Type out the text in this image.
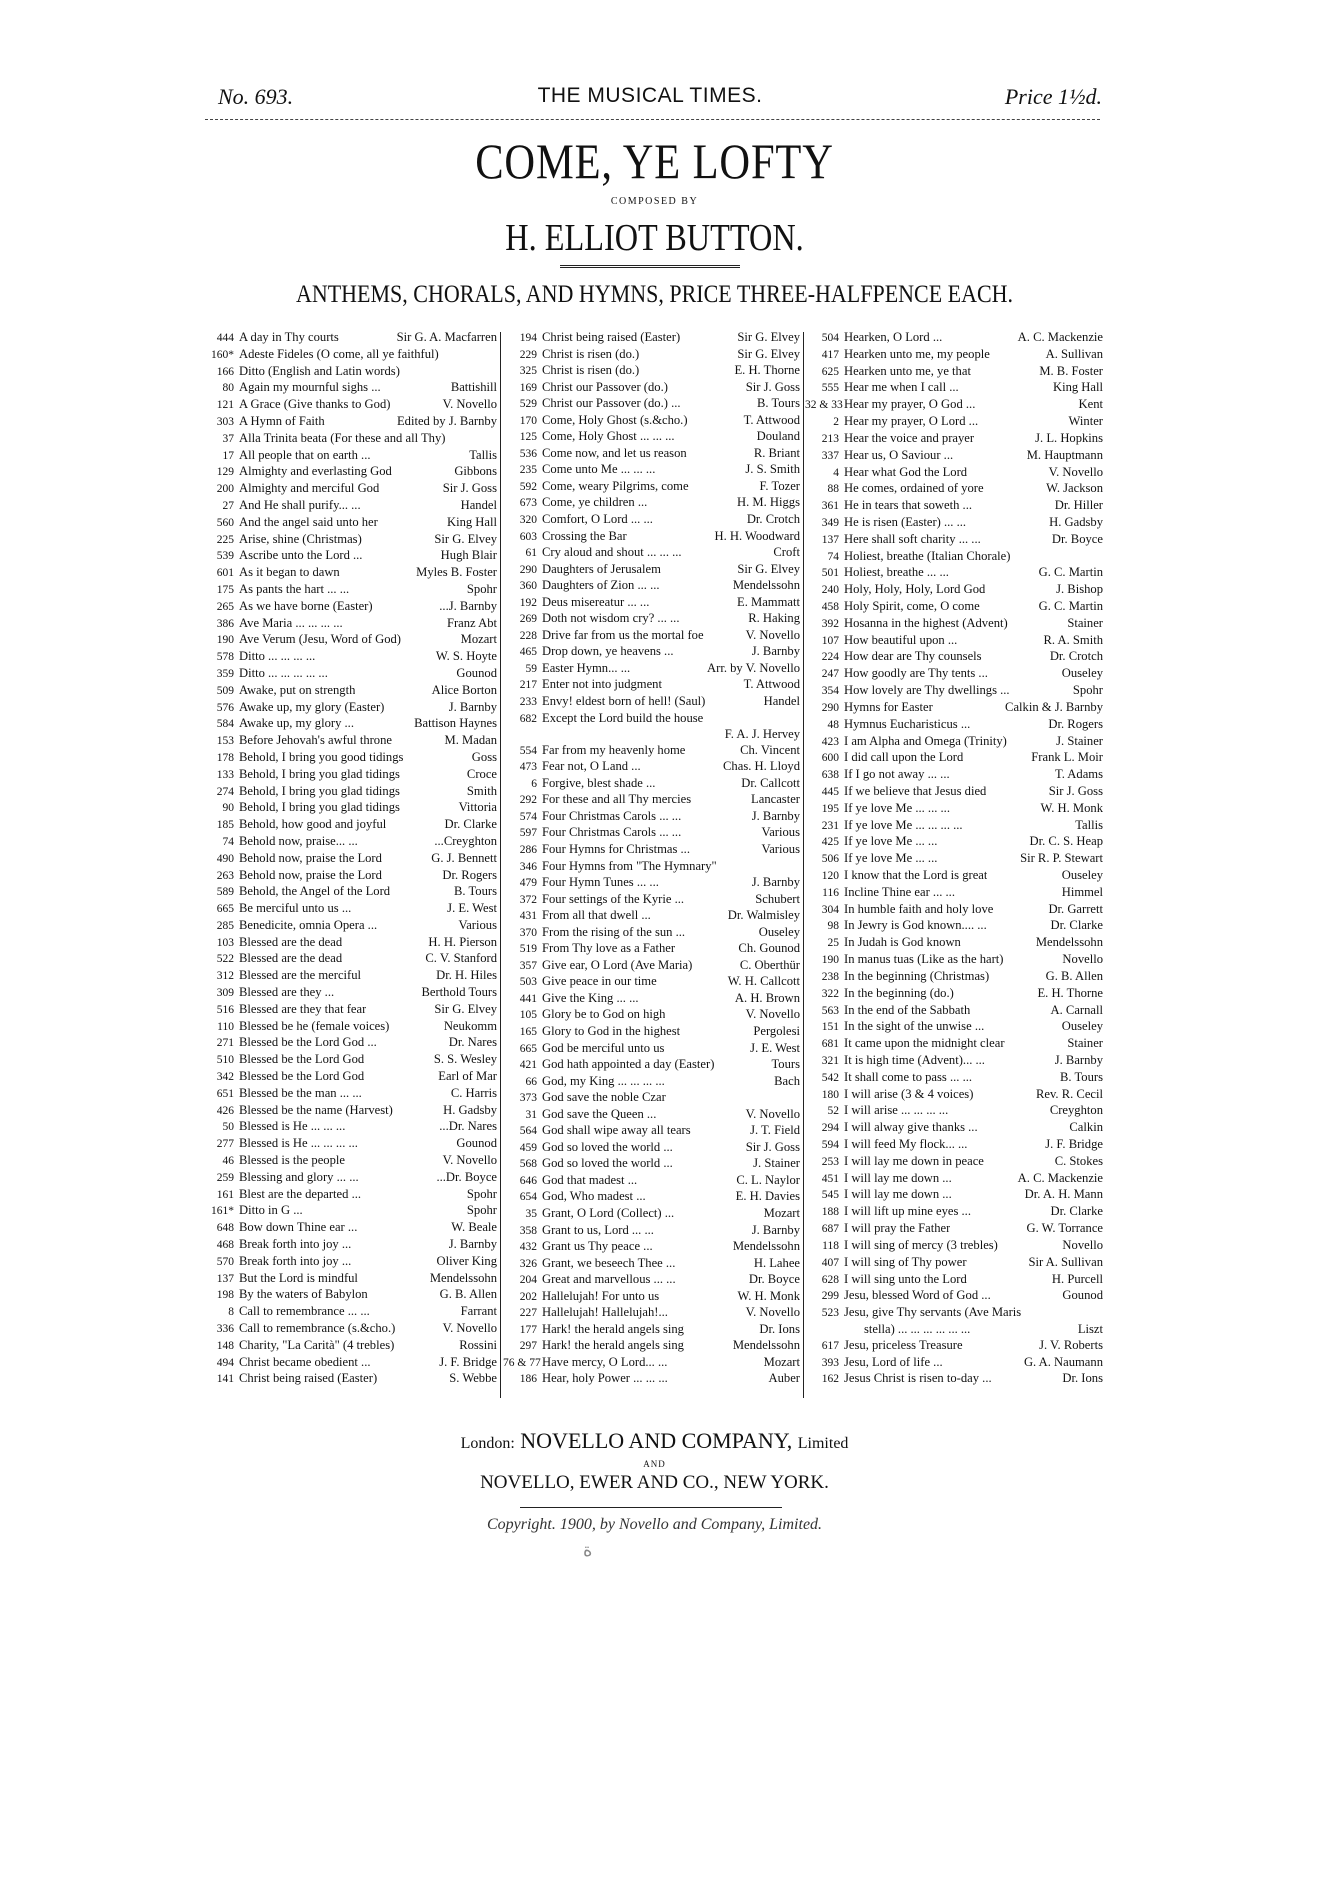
No. 693.	THE MUSICAL TIMES.	Price 1½d.
COME, YE LOFTY
COMPOSED BY
H. ELLIOT BUTTON.
ANTHEMS, CHORALS, AND HYMNS, PRICE THREE-HALFPENCE EACH.
444 A day in Thy courts	Sir G. A. Macfarren
160* Adeste Fideles (O come, all ye faithful)
166 Ditto (English and Latin words)
80 Again my mournful sighs ...	Battishill
121 A Grace (Give thanks to God)	V. Novello
303 A Hymn of Faith	Edited by J. Barnby
37 Alla Trinita beata (For these and all Thy)
17 All people that on earth ...	Tallis
129 Almighty and everlasting God	Gibbons
200 Almighty and merciful God	Sir J. Goss
27 And He shall purify... ...	Handel
560 And the angel said unto her	King Hall
225 Arise, shine (Christmas)	Sir G. Elvey
539 Ascribe unto the Lord ...	Hugh Blair
601 As it began to dawn	Myles B. Foster
175 As pants the hart ... ...	Spohr
265 As we have borne (Easter)	...J. Barnby
386 Ave Maria ... ... ... ...	Franz Abt
190 Ave Verum (Jesu, Word of God)	Mozart
578 Ditto ... ... ... ...	W. S. Hoyte
359 Ditto ... ... ... ... ...	Gounod
509 Awake, put on strength	Alice Borton
576 Awake up, my glory (Easter)	J. Barnby
584 Awake up, my glory ...	Battison Haynes
153 Before Jehovah's awful throne	M. Madan
178 Behold, I bring you good tidings	Goss
133 Behold, I bring you glad tidings	Croce
274 Behold, I bring you glad tidings	Smith
90 Behold, I bring you glad tidings	Vittoria
185 Behold, how good and joyful	Dr. Clarke
74 Behold now, praise... ...	...Creyghton
490 Behold now, praise the Lord	G. J. Bennett
263 Behold now, praise the Lord	Dr. Rogers
589 Behold, the Angel of the Lord	B. Tours
665 Be merciful unto us ...	J. E. West
285 Benedicite, omnia Opera ...	Various
103 Blessed are the dead	H. H. Pierson
522 Blessed are the dead	C. V. Stanford
312 Blessed are the merciful	Dr. H. Hiles
309 Blessed are they ...	Berthold Tours
516 Blessed are they that fear	Sir G. Elvey
110 Blessed be he (female voices)	Neukomm
271 Blessed be the Lord God ...	Dr. Nares
510 Blessed be the Lord God	S. S. Wesley
342 Blessed be the Lord God	Earl of Mar
651 Blessed be the man ... ...	C. Harris
426 Blessed be the name (Harvest)	H. Gadsby
50 Blessed is He ... ... ...	...Dr. Nares
277 Blessed is He ... ... ... ...	Gounod
46 Blessed is the people	V. Novello
259 Blessing and glory ... ...	...Dr. Boyce
161 Blest are the departed ...	Spohr
161* Ditto in G ...	Spohr
648 Bow down Thine ear ...	W. Beale
468 Break forth into joy ...	J. Barnby
570 Break forth into joy ...	Oliver King
137 But the Lord is mindful	Mendelssohn
198 By the waters of Babylon	G. B. Allen
8 Call to remembrance ... ...	Farrant
336 Call to remembrance (s.&cho.)	V. Novello
148 Charity, "La Carità" (4 trebles)	Rossini
494 Christ became obedient ...	J. F. Bridge
141 Christ being raised (Easter)	S. Webbe
194 Christ being raised (Easter)	Sir G. Elvey
229 Christ is risen (do.)	Sir G. Elvey
325 Christ is risen (do.)	E. H. Thorne
169 Christ our Passover (do.)	Sir J. Goss
529 Christ our Passover (do.) ...	B. Tours
170 Come, Holy Ghost (s.&cho.)	T. Attwood
125 Come, Holy Ghost ... ... ...	Douland
536 Come now, and let us reason	R. Briant
235 Come unto Me ... ... ...	J. S. Smith
592 Come, weary Pilgrims, come	F. Tozer
673 Come, ye children ...	H. M. Higgs
320 Comfort, O Lord ... ...	Dr. Crotch
603 Crossing the Bar	H. H. Woodward
61 Cry aloud and shout ... ... ...	Croft
290 Daughters of Jerusalem	Sir G. Elvey
360 Daughters of Zion ... ...	Mendelssohn
192 Deus misereatur ... ...	E. Mammatt
269 Doth not wisdom cry? ... ...	R. Haking
228 Drive far from us the mortal foe	V. Novello
465 Drop down, ye heavens ...	J. Barnby
59 Easter Hymn... ...	Arr. by V. Novello
217 Enter not into judgment	T. Attwood
233 Envy! eldest born of hell! (Saul)	Handel
682 Except the Lord build the house
F. A. J. Hervey
554 Far from my heavenly home	Ch. Vincent
473 Fear not, O Land ...	Chas. H. Lloyd
6 Forgive, blest shade ...	Dr. Callcott
292 For these and all Thy mercies	Lancaster
574 Four Christmas Carols ... ...	J. Barnby
597 Four Christmas Carols ... ...	Various
286 Four Hymns for Christmas ...	Various
346 Four Hymns from "The Hymnary"
479 Four Hymn Tunes ... ...	J. Barnby
372 Four settings of the Kyrie ...	Schubert
431 From all that dwell ...	Dr. Walmisley
370 From the rising of the sun ...	Ouseley
519 From Thy love as a Father	Ch. Gounod
357 Give ear, O Lord (Ave Maria)	C. Oberthür
503 Give peace in our time	W. H. Callcott
441 Give the King ... ...	A. H. Brown
105 Glory be to God on high	V. Novello
165 Glory to God in the highest	Pergolesi
665 God be merciful unto us	J. E. West
421 God hath appointed a day (Easter)	Tours
66 God, my King ... ... ... ...	Bach
373 God save the noble Czar
31 God save the Queen ...	V. Novello
564 God shall wipe away all tears	J. T. Field
459 God so loved the world ...	Sir J. Goss
568 God so loved the world ...	J. Stainer
646 God that madest ...	C. L. Naylor
654 God, Who madest ...	E. H. Davies
35 Grant, O Lord (Collect) ...	Mozart
358 Grant to us, Lord ... ...	J. Barnby
432 Grant us Thy peace ...	Mendelssohn
326 Grant, we beseech Thee ...	H. Lahee
204 Great and marvellous ... ...	Dr. Boyce
202 Hallelujah! For unto us	W. H. Monk
227 Hallelujah! Hallelujah!...	V. Novello
177 Hark! the herald angels sing	Dr. Ions
297 Hark! the herald angels sing	Mendelssohn
76 & 77 Have mercy, O Lord... ...	Mozart
186 Hear, holy Power ... ... ...	Auber
504 Hearken, O Lord ...	A. C. Mackenzie
417 Hearken unto me, my people	A. Sullivan
625 Hearken unto me, ye that	M. B. Foster
555 Hear me when I call ...	King Hall
32 & 33 Hear my prayer, O God ...	Kent
2 Hear my prayer, O Lord ...	Winter
213 Hear the voice and prayer	J. L. Hopkins
337 Hear us, O Saviour ...	M. Hauptmann
4 Hear what God the Lord	V. Novello
88 He comes, ordained of yore	W. Jackson
361 He in tears that soweth ...	Dr. Hiller
349 He is risen (Easter) ... ...	H. Gadsby
137 Here shall soft charity ... ...	Dr. Boyce
74 Holiest, breathe (Italian Chorale)
501 Holiest, breathe ... ...	G. C. Martin
240 Holy, Holy, Holy, Lord God	J. Bishop
458 Holy Spirit, come, O come	G. C. Martin
392 Hosanna in the highest (Advent)	Stainer
107 How beautiful upon ...	R. A. Smith
224 How dear are Thy counsels	Dr. Crotch
247 How goodly are Thy tents ...	Ouseley
354 How lovely are Thy dwellings ...	Spohr
290 Hymns for Easter	Calkin & J. Barnby
48 Hymnus Eucharisticus ...	Dr. Rogers
423 I am Alpha and Omega (Trinity)	J. Stainer
600 I did call upon the Lord	Frank L. Moir
638 If I go not away ... ...	T. Adams
445 If we believe that Jesus died	Sir J. Goss
195 If ye love Me ... ... ...	W. H. Monk
231 If ye love Me ... ... ... ...	Tallis
425 If ye love Me ... ...	Dr. C. S. Heap
506 If ye love Me ... ...	Sir R. P. Stewart
120 I know that the Lord is great	Ouseley
116 Incline Thine ear ... ...	Himmel
304 In humble faith and holy love	Dr. Garrett
98 In Jewry is God known.... ...	Dr. Clarke
25 In Judah is God known	Mendelssohn
190 In manus tuas (Like as the hart)	Novello
238 In the beginning (Christmas)	G. B. Allen
322 In the beginning (do.)	E. H. Thorne
563 In the end of the Sabbath	A. Carnall
151 In the sight of the unwise ...	Ouseley
681 It came upon the midnight clear	Stainer
321 It is high time (Advent)... ...	J. Barnby
542 It shall come to pass ... ...	B. Tours
180 I will arise (3 & 4 voices)	Rev. R. Cecil
52 I will arise ... ... ... ...	Creyghton
294 I will alway give thanks ...	Calkin
594 I will feed My flock... ...	J. F. Bridge
253 I will lay me down in peace	C. Stokes
451 I will lay me down ...	A. C. Mackenzie
545 I will lay me down ...	Dr. A. H. Mann
188 I will lift up mine eyes ...	Dr. Clarke
687 I will pray the Father	G. W. Torrance
118 I will sing of mercy (3 trebles)	Novello
407 I will sing of Thy power	Sir A. Sullivan
628 I will sing unto the Lord	H. Purcell
299 Jesu, blessed Word of God ...	Gounod
523 Jesu, give Thy servants (Ave Maris
stella) ... ... ... ... ... ...	Liszt
617 Jesu, priceless Treasure	J. V. Roberts
393 Jesu, Lord of life ...	G. A. Naumann
162 Jesus Christ is risen to-day ...	Dr. Ions
London: NOVELLO AND COMPANY, Limited
AND
NOVELLO, EWER AND CO., NEW YORK.
Copyright. 1900, by Novello and Company, Limited.
ة
